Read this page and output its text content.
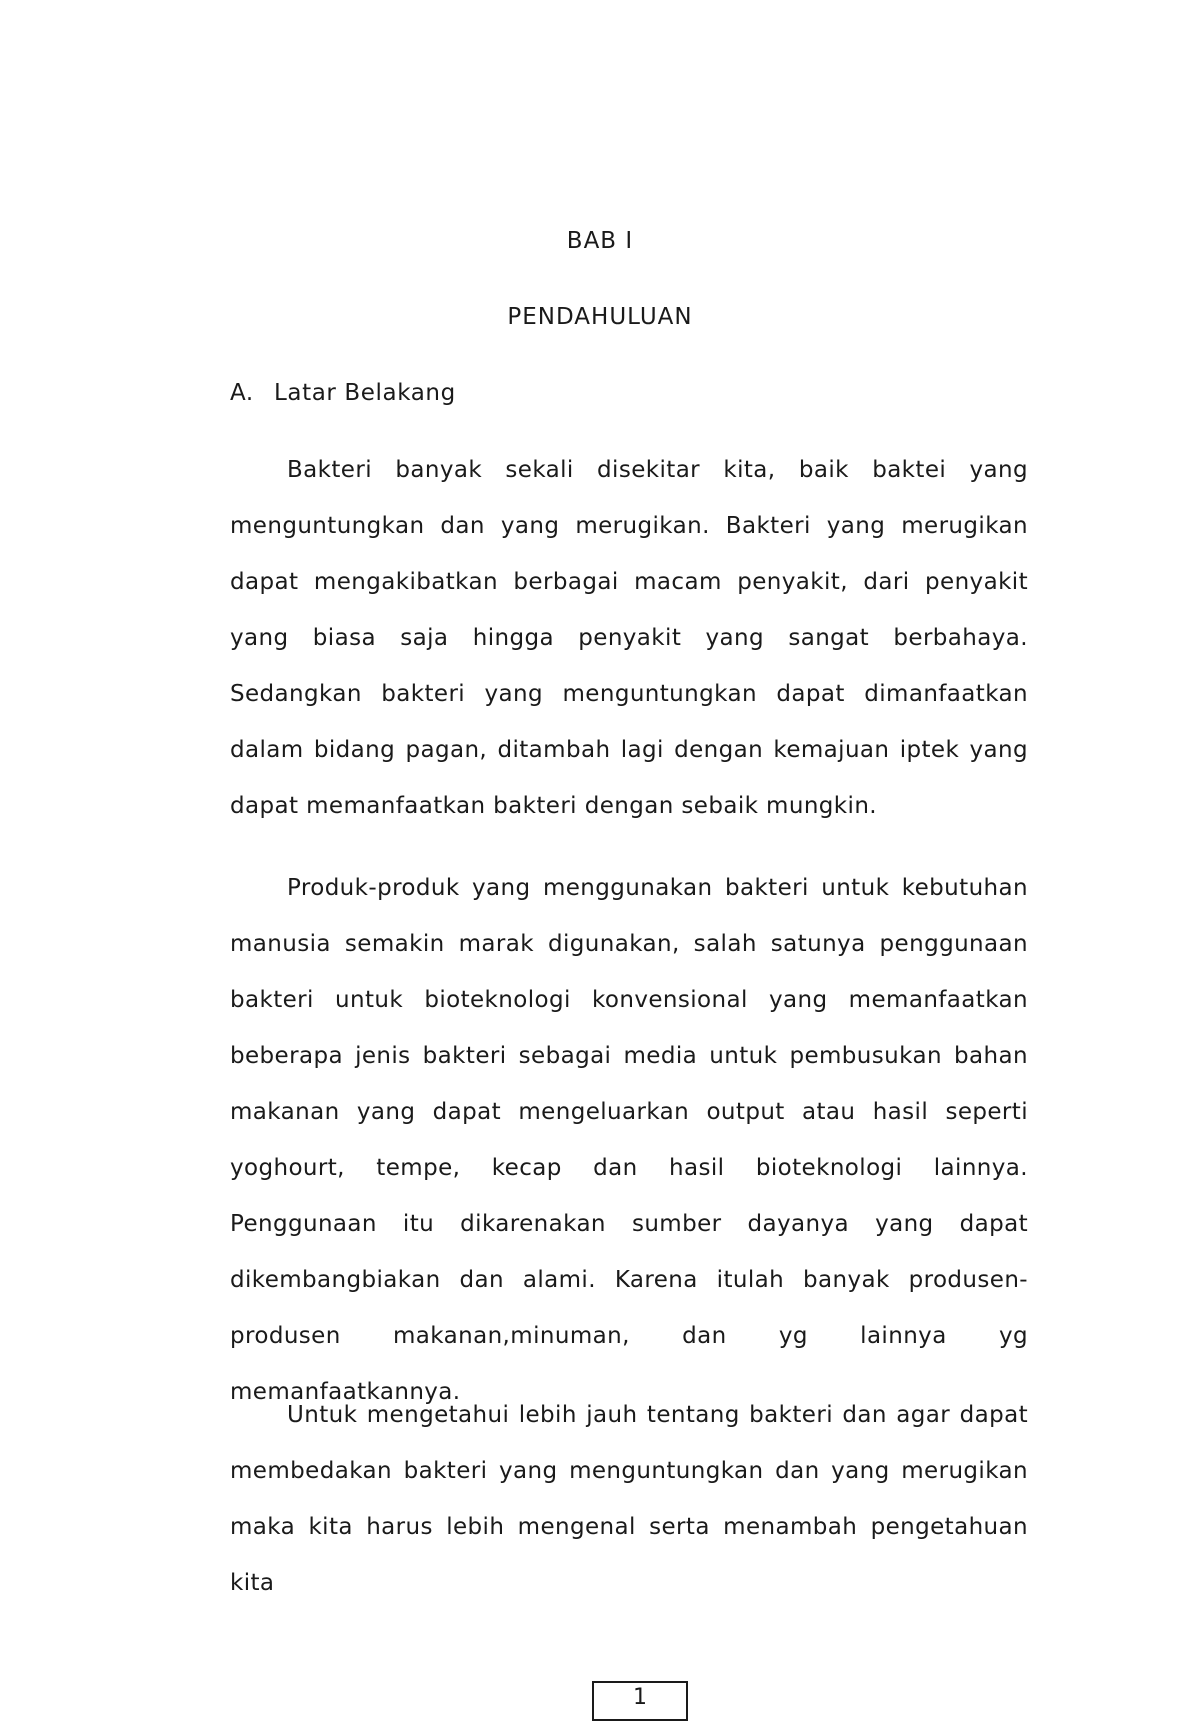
BAB I
PENDAHULUAN
A. Latar Belakang

Bakteri banyak sekali disekitar kita, baik baktei yang menguntungkan dan yang merugikan. Bakteri yang merugikan dapat mengakibatkan berbagai macam penyakit, dari penyakit yang biasa saja hingga penyakit yang sangat berbahaya. Sedangkan bakteri yang menguntungkan dapat dimanfaatkan dalam bidang pagan, ditambah lagi dengan kemajuan iptek yang dapat memanfaatkan bakteri dengan sebaik mungkin.

Produk-produk yang menggunakan bakteri untuk kebutuhan manusia semakin marak digunakan, salah satunya penggunaan bakteri untuk bioteknologi konvensional yang memanfaatkan beberapa jenis bakteri sebagai media untuk pembusukan bahan makanan yang dapat mengeluarkan output atau hasil seperti yoghourt, tempe, kecap dan hasil bioteknologi lainnya. Penggunaan itu dikarenakan sumber dayanya yang dapat dikembangbiakan dan alami. Karena itulah banyak produsen-produsen makanan,minuman, dan yg lainnya yg memanfaatkannya.

Untuk mengetahui lebih jauh tentang bakteri dan agar dapat membedakan bakteri yang menguntungkan dan yang merugikan maka kita harus lebih mengenal serta menambah pengetahuan kita

1
